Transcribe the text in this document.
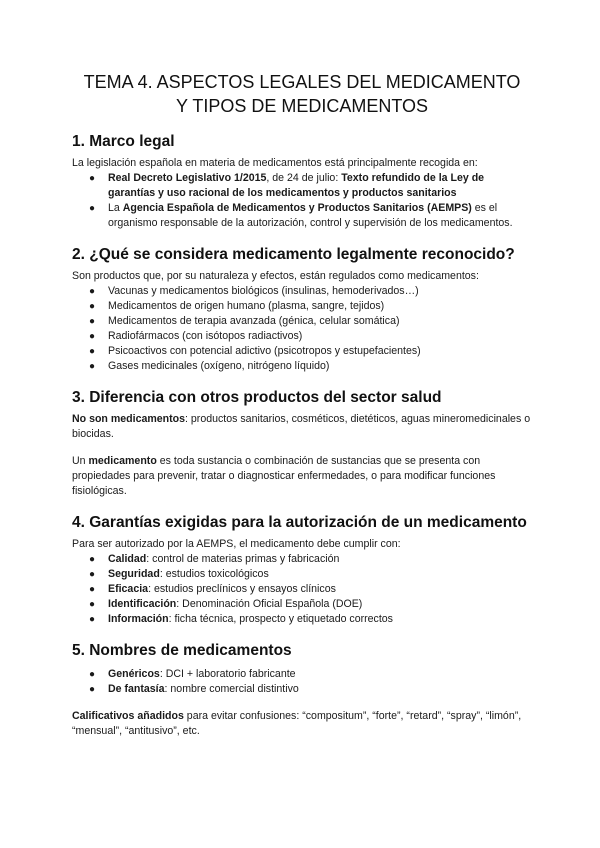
TEMA 4. ASPECTOS LEGALES DEL MEDICAMENTO
Y TIPOS DE MEDICAMENTOS
1. Marco legal

La legislación española en materia de medicamentos está principalmente recogida en:

● Real Decreto Legislativo 1/2015, de 24 de julio: Texto refundido de la Ley de garantías y uso racional de los medicamentos y productos sanitarios
● La Agencia Española de Medicamentos y Productos Sanitarios (AEMPS) es el organismo responsable de la autorización, control y supervisión de los medicamentos.
2. ¿Qué se considera medicamento legalmente reconocido?

Son productos que, por su naturaleza y efectos, están regulados como medicamentos:

● Vacunas y medicamentos biológicos (insulinas, hemoderivados…)
● Medicamentos de origen humano (plasma, sangre, tejidos)
● Medicamentos de terapia avanzada (génica, celular somática)
● Radiofármacos (con isótopos radiactivos)
● Psicoactivos con potencial adictivo (psicotropos y estupefacientes)
● Gases medicinales (oxígeno, nitrógeno líquido)
3. Diferencia con otros productos del sector salud

No son medicamentos: productos sanitarios, cosméticos, dietéticos, aguas mineromedicinales o biocidas.

Un medicamento es toda sustancia o combinación de sustancias que se presenta con propiedades para prevenir, tratar o diagnosticar enfermedades, o para modificar funciones fisiológicas.

4. Garantías exigidas para la autorización de un medicamento

Para ser autorizado por la AEMPS, el medicamento debe cumplir con:

● Calidad: control de materias primas y fabricación
● Seguridad: estudios toxicológicos
● Eficacia: estudios preclínicos y ensayos clínicos
● Identificación: Denominación Oficial Española (DOE)
● Información: ficha técnica, prospecto y etiquetado correctos
5. Nombres de medicamentos
● Genéricos: DCI + laboratorio fabricante
● De fantasía: nombre comercial distintivo

Calificativos añadidos para evitar confusiones: “compositum”, “forte”, “retard”, “spray”, “limón”, “mensual”, “antitusivo”, etc.
